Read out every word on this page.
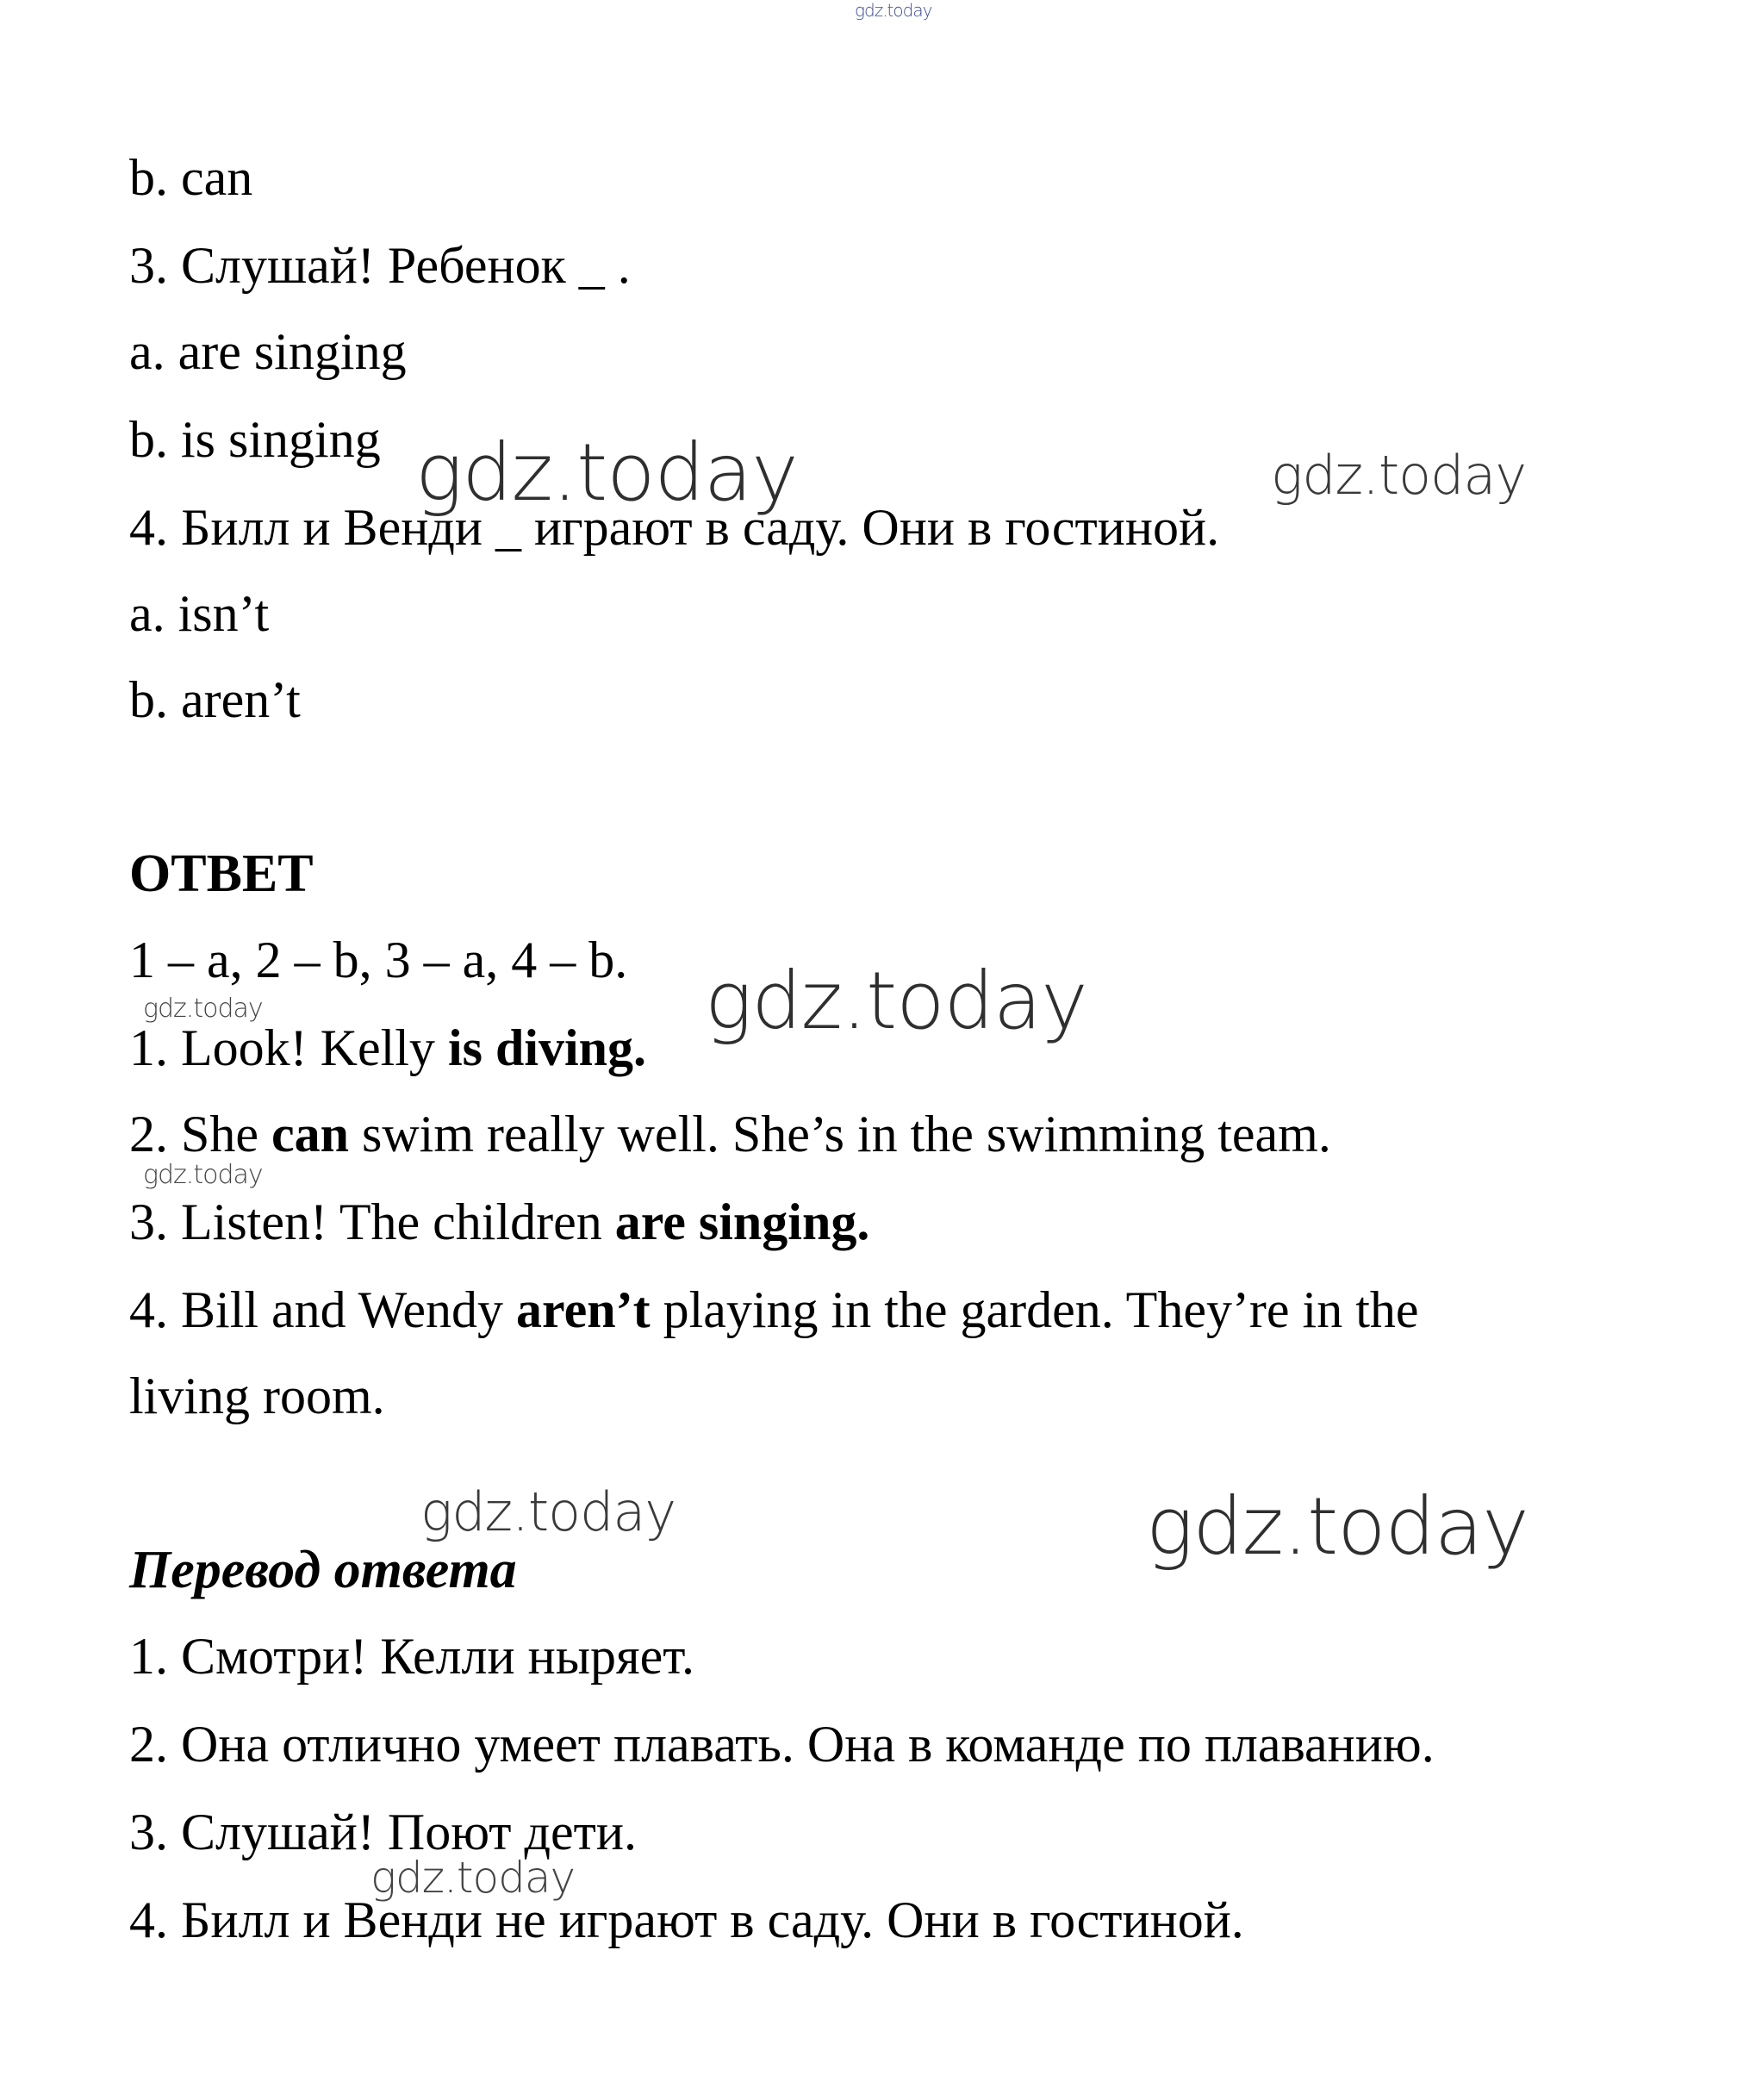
gdz.today
b. can
3. Слушай! Ребенок _ .
a. are singing
b. is singing
4. Билл и Венди _ играют в саду. Они в гостиной.
a. isn’t
b. aren’t
gdz.today	gdz.today
ОТВЕТ
1 – a, 2 – b, 3 – a, 4 – b.
gdz.today	gdz.today
1. Look! Kelly is diving.
2. She can swim really well. She’s in the swimming team.
gdz.today
3. Listen! The children are singing.
4. Bill and Wendy aren’t playing in the garden. They’re in the
living room.
gdz.today	gdz.today
Перевод ответа
1. Смотри! Келли ныряет.
2. Она отлично умеет плавать. Она в команде по плаванию.
3. Слушай! Поют дети.
gdz.today
4. Билл и Венди не играют в саду. Они в гостиной.
